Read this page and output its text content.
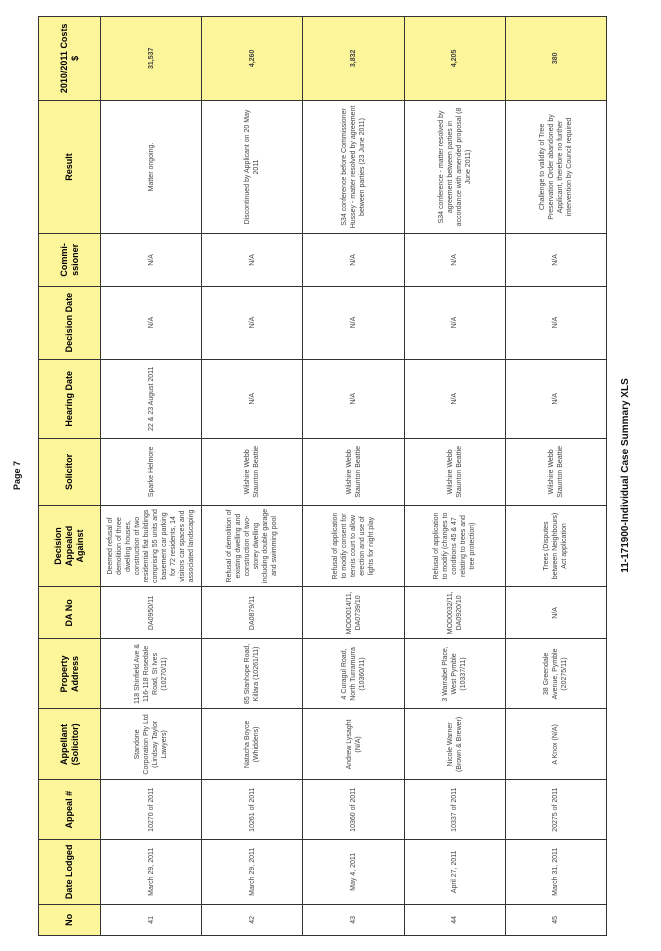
11-171900-Individual Case Summary XLS
No	Date Lodged	Appeal #	Appellant (Solicitor)	Property Address	DA No	Decision Appealed Against	Solicitor	Hearing Date	Decision Date	Commi-ssioner	Result	2010/2011 Costs $
41	March 29, 2011	10270 of 2011	Standone Corporation Pty Ltd (Lindsay Taylor Lawyers)	118 Shinfield Ave & 116-118 Rosedale Road, St Ives (10270/11)	DA0950/11	Deemed refusal of demolition of three dwelling houses, construction of two residential flat buildings comprising 55 units and basement car parking for 72 residents, 14 visitors car spaces and associated landscaping	Sparke Helmore	22 & 23 August 2011	N/A	N/A	Matter ongoing.	31,537
42	March 29, 2011	10261 of 2011	Natacha Boyce (Whiddens)	85 Stanhope Road, Killara (10261/11)	DA0879/11	Refusal of demolition of existing dwelling and construction of two-storey dwelling including double garage and swimming pool	Wilshire Webb Staunton Beattie	N/A	N/A	N/A	Discontinued by Applicant on 20 May 2011	4,260
43	May 4, 2011	10360 of 2011	Andrew Lysaght (N/A)	4 Curagul Road, North Turramurra (10360/11)	MOD0014/11, DA0739/10	Refusal of application to modify consent for tennis court to allow erection and use of lights for night play	Wilshire Webb Staunton Beattie	N/A	N/A	N/A	S34 conference before Commissioner Hussey - matter resolved by agreement between parties (23 June 2011)	3,832
44	April 27, 2011	10337 of 2011	Nicole Warner (Brown & Brewer)	3 Warrabel Place, West Pymble (10337/11)	MOD0032/11, DA0920/10	Refusal of application to modify (changes to conditions 45 & 47 relating to trees and tree protection)	Wilshire Webb Staunton Beattie	N/A	N/A	N/A	S34 conference - matter resolved by agreement between parties in accordance with amended proposal (8 June 2011)	4,205
45	March 31, 2011	20275 of 2011	A Knox (N/A)	38 Greendale Avenue, Pymble (20275/11)	N/A	Trees (Disputes between Neighbours) Act application	Wilshire Webb Staunton Beattie	N/A	N/A	N/A	Challenge to validity of Tree Preservation Order abandoned by Applicant, therefore no further intervention by Council required	380
Page 7
